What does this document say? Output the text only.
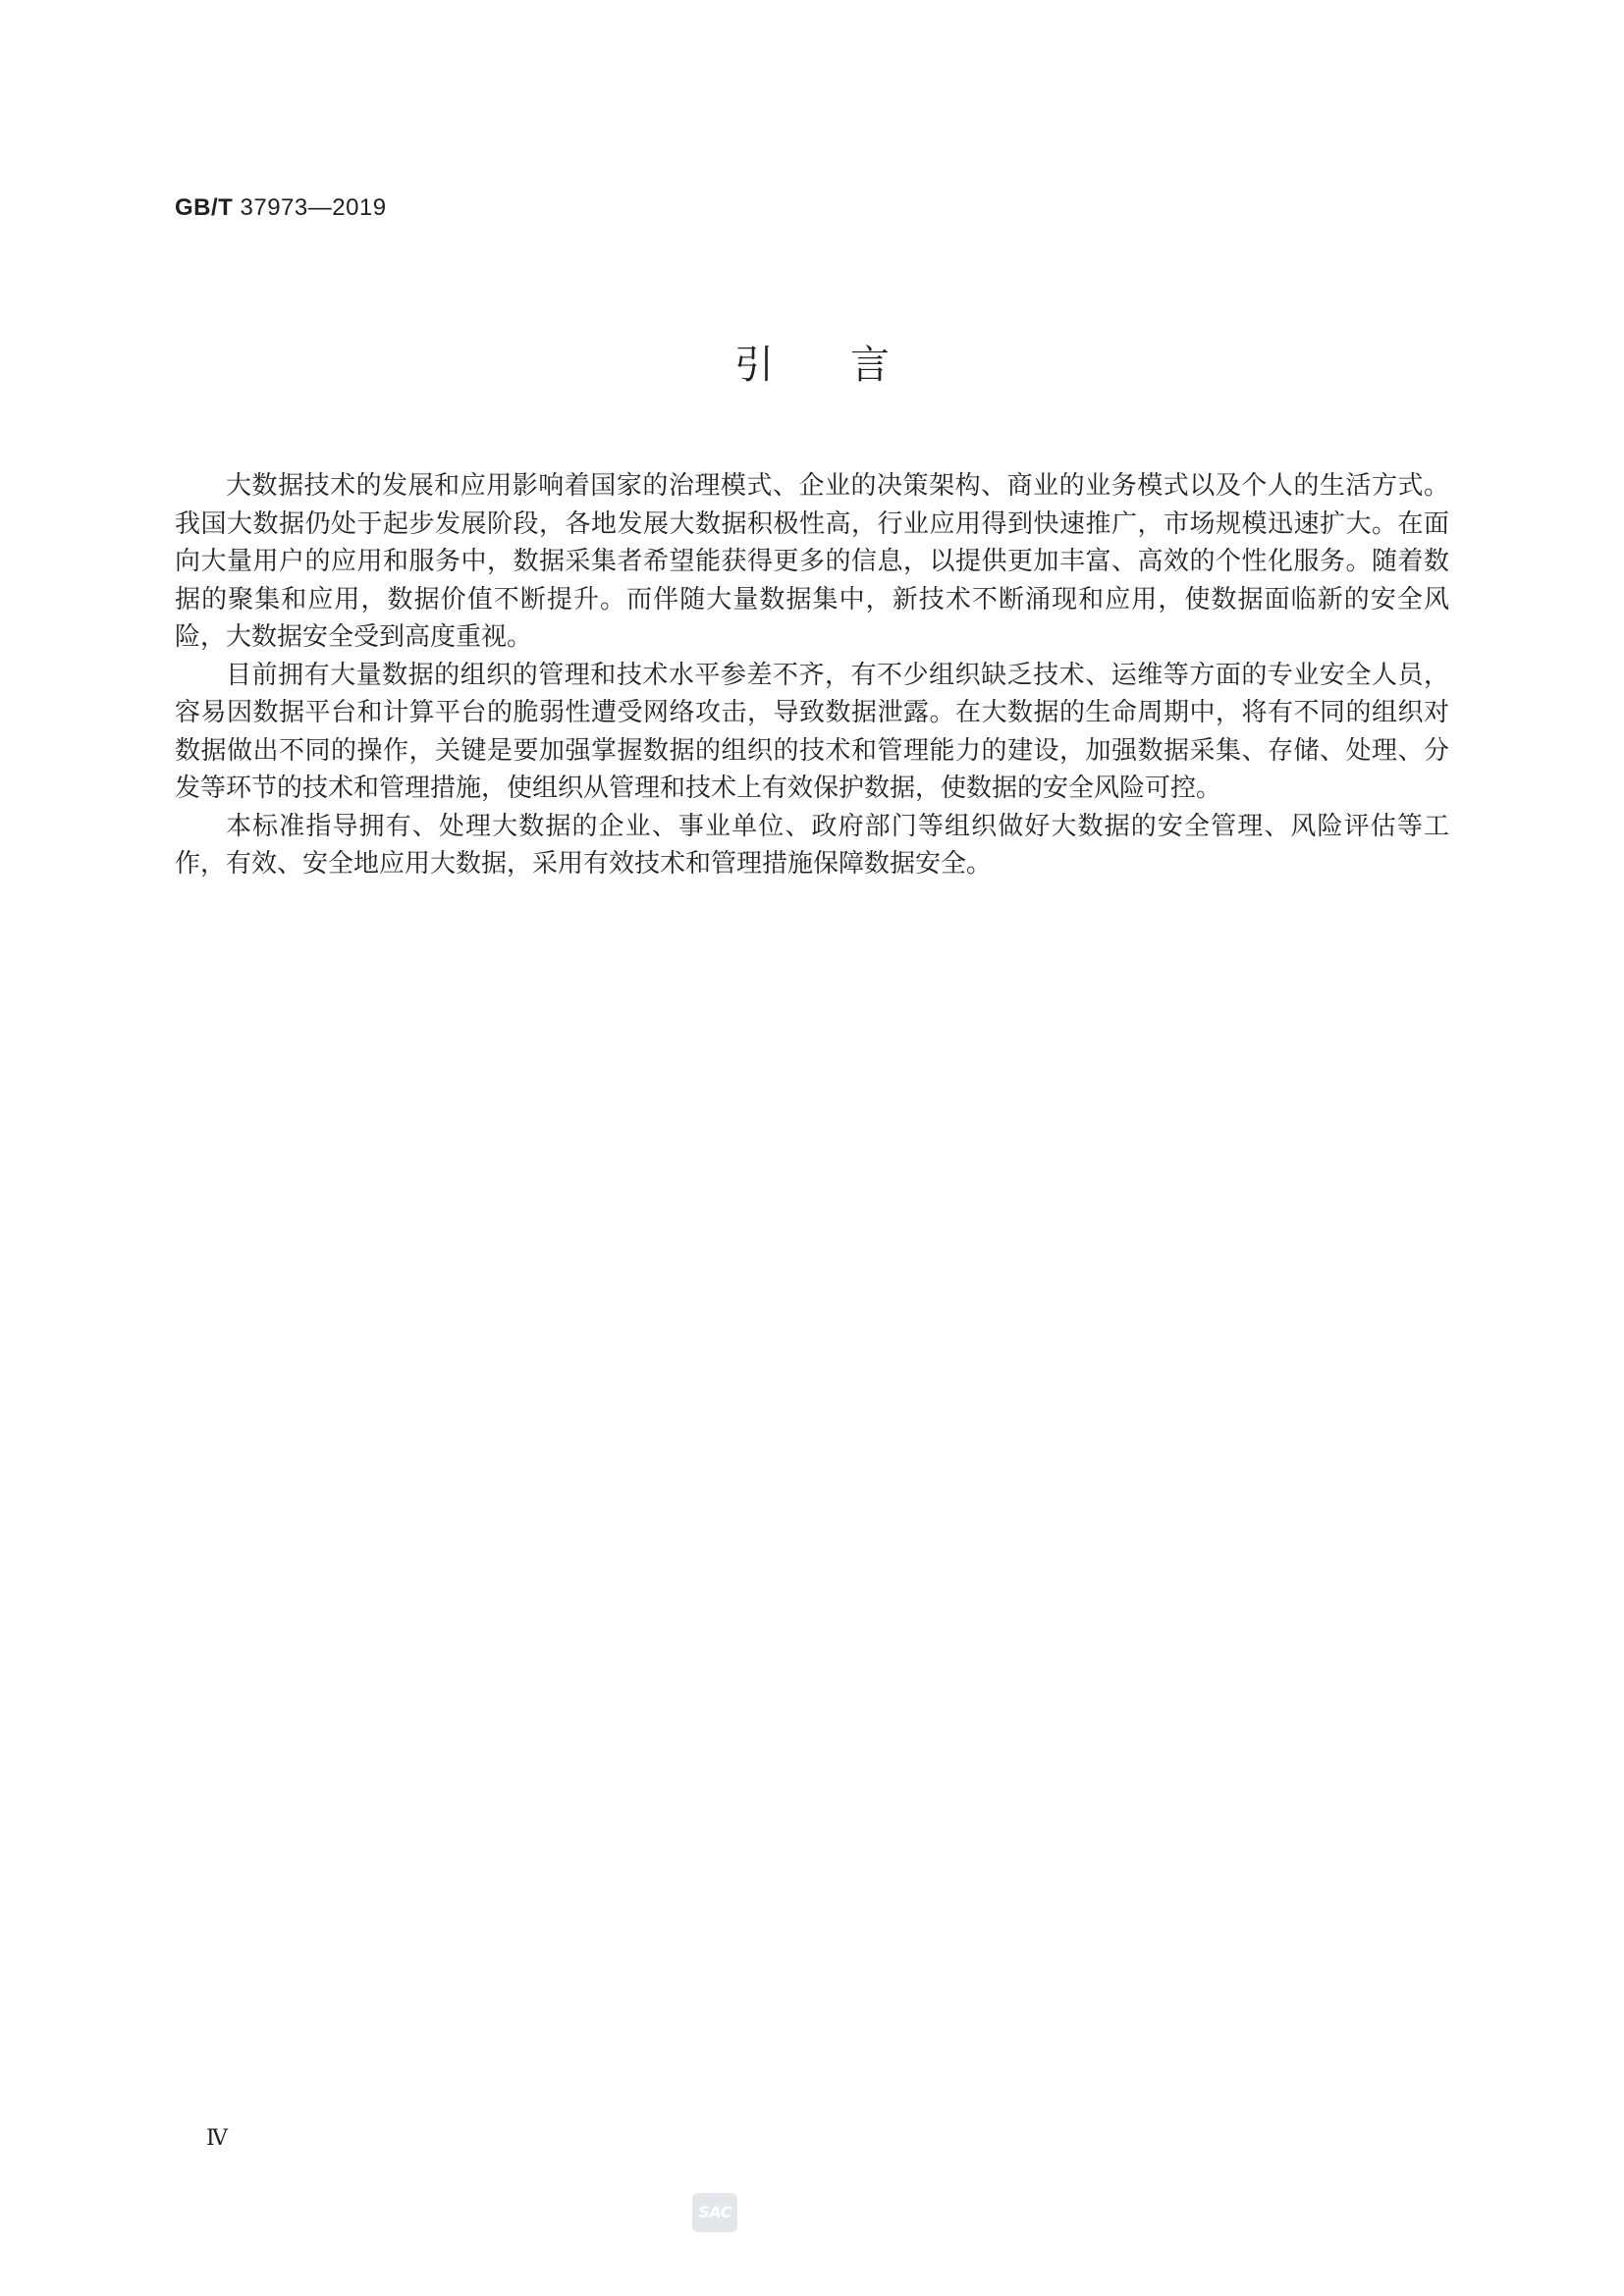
GB/T 37973—2019
引言

大数据技术的发展和应用影响着国家的治理模式、企业的决策架构、商业的业务模式以及个人的生活方式。我国大数据仍处于起步发展阶段，各地发展大数据积极性高，行业应用得到快速推广，市场规模迅速扩大。在面向大量用户的应用和服务中，数据采集者希望能获得更多的信息，以提供更加丰富、高效的个性化服务。随着数据的聚集和应用，数据价值不断提升。而伴随大量数据集中，新技术不断涌现和应用，使数据面临新的安全风险，大数据安全受到高度重视。

目前拥有大量数据的组织的管理和技术水平参差不齐，有不少组织缺乏技术、运维等方面的专业安全人员，容易因数据平台和计算平台的脆弱性遭受网络攻击，导致数据泄露。在大数据的生命周期中，将有不同的组织对数据做出不同的操作，关键是要加强掌握数据的组织的技术和管理能力的建设，加强数据采集、存储、处理、分发等环节的技术和管理措施，使组织从管理和技术上有效保护数据，使数据的安全风险可控。

本标准指导拥有、处理大数据的企业、事业单位、政府部门等组织做好大数据的安全管理、风险评估等工作，有效、安全地应用大数据，采用有效技术和管理措施保障数据安全。

Ⅳ
SAC
